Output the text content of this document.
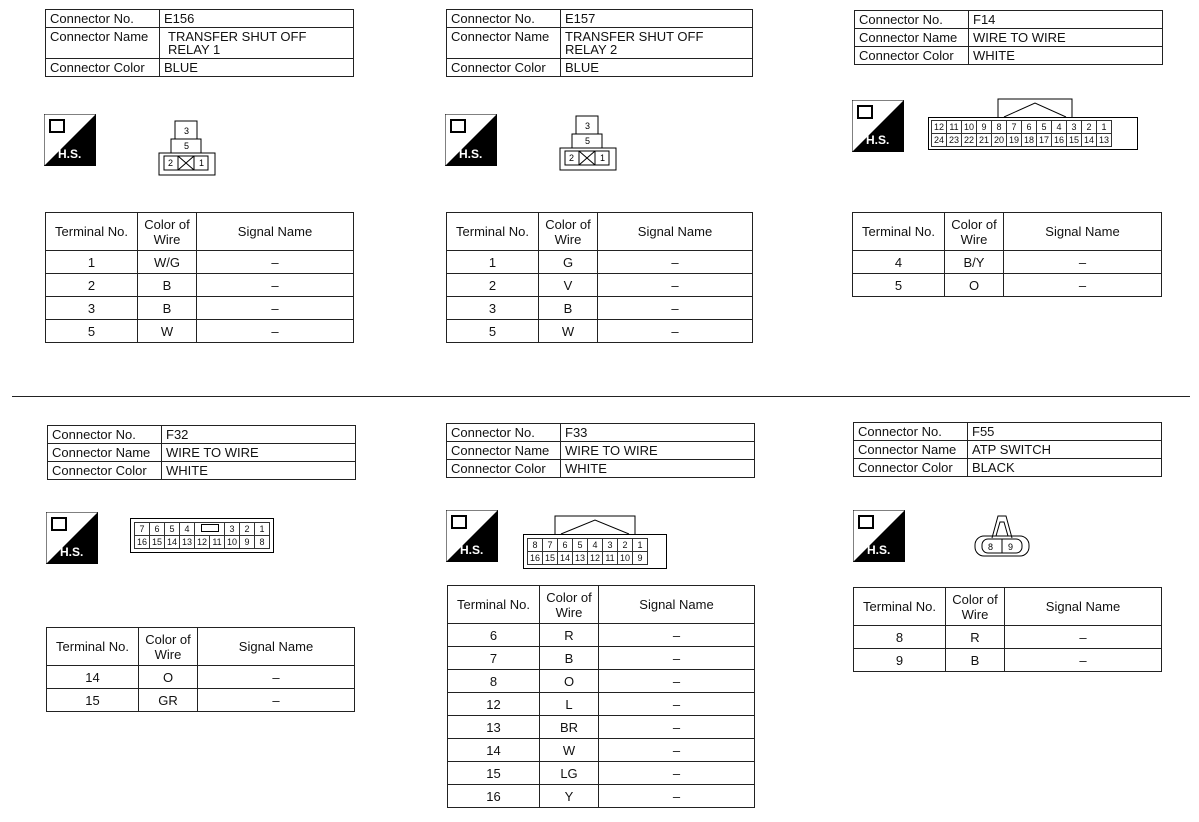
Connector No.	E156
Connector Name	TRANSFER SHUT OFF RELAY 1
Connector Color	BLUE
H.S.
3
5
2	1
Terminal No.	Color of Wire	Signal Name
1	W/G	–
2	B	–
3	B	–
5	W	–
Connector No.	E157
Connector Name	TRANSFER SHUT OFF RELAY 2
Connector Color	BLUE
H.S.
3
5
2	1
Terminal No.	Color of Wire	Signal Name
1	G	–
2	V	–
3	B	–
5	W	–
Connector No.	F14
Connector Name	WIRE TO WIRE
Connector Color	WHITE
H.S.
12	11	10	9	8	7	6	5	4	3	2	1
24	23	22	21	20	19	18	17	16	15	14	13
Terminal No.	Color of Wire	Signal Name
4	B/Y	–
5	O	–
Connector No.	F32
Connector Name	WIRE TO WIRE
Connector Color	WHITE
H.S.
7	6	5	4			3	2	1
16	15	14	13	12	11	10	9	8
Terminal No.	Color of Wire	Signal Name
14	O	–
15	GR	–
Connector No.	F33
Connector Name	WIRE TO WIRE
Connector Color	WHITE
H.S.	8	7	6	5	4	3	2	1
16	15	14	13	12	11	10	9
Terminal No.	Color of Wire	Signal Name
6	R	–
7	B	–
8	O	–
12	L	–
13	BR	–
14	W	–
15	LG	–
16	Y	–
Connector No.	F55
Connector Name	ATP SWITCH
Connector Color	BLACK
H.S.	8 9
Terminal No.	Color of Wire	Signal Name
8	R	–
9	B	–
